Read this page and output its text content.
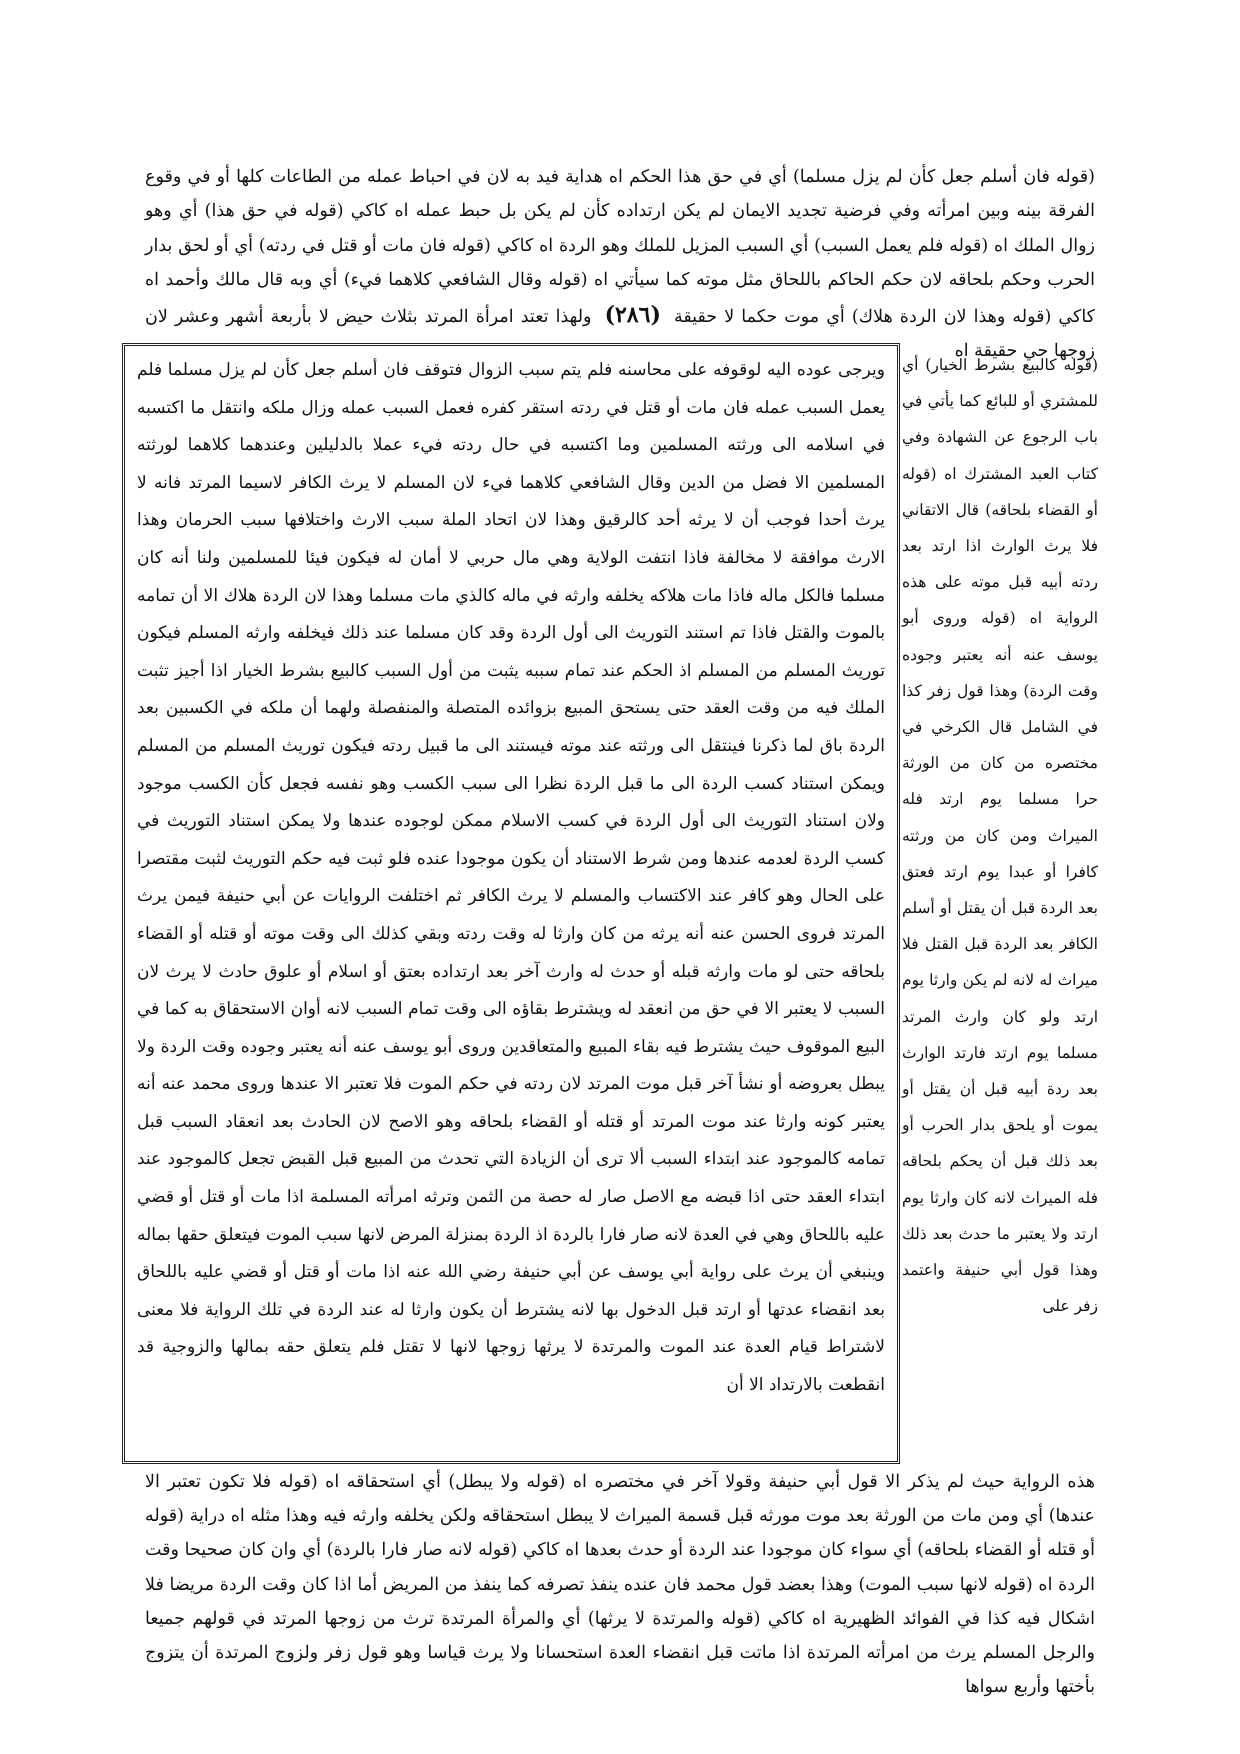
(قوله فان أسلم جعل كأن لم يزل مسلما) أي في حق هذا الحكم اه هداية فيد به لان في احباط عمله من الطاعات كلها أو في وقوع الفرقة بينه وبين امرأته وفي فرضية تجديد الايمان لم يكن ارتداده كأن لم يكن بل حبط عمله اه كاكي (قوله في حق هذا) أي وهو زوال الملك اه (قوله فلم يعمل السبب) أي السبب المزيل للملك وهو الردة اه كاكي (قوله فان مات أو قتل في ردته) أي أو لحق بدار الحرب وحكم بلحاقه لان حكم الحاكم باللحاق مثل موته كما سيأتي اه (قوله وقال الشافعي كلاهما فيء) أي وبه قال مالك وأحمد اه كاكي (قوله وهذا لان الردة هلاك) أي موت حكما لا حقيقة (٢٨٦) ولهذا تعتد امرأة المرتد بثلاث حيض لا بأربعة أشهر وعشر لان زوجها حي حقيقة اه

ويرجى عوده اليه لوقوفه على محاسنه فلم يتم سبب الزوال فتوقف فان أسلم جعل كأن لم يزل مسلما فلم يعمل السبب عمله فان مات أو قتل في ردته استقر كفره فعمل السبب عمله وزال ملكه وانتقل ما اكتسبه في اسلامه الى ورثته المسلمين وما اكتسبه في حال ردته فيء عملا بالدليلين وعندهما كلاهما لورثته المسلمين الا فضل من الدين وقال الشافعي كلاهما فيء لان المسلم لا يرث الكافر لاسيما المرتد فانه لا يرث أحدا فوجب أن لا يرثه أحد كالرقيق وهذا لان اتحاد الملة سبب الارث واختلافها سبب الحرمان وهذا الارث موافقة لا مخالفة فاذا انتفت الولاية وهي مال حربي لا أمان له فيكون فيئا للمسلمين ولنا أنه كان مسلما فالكل ماله فاذا مات هلاكه يخلفه وارثه في ماله كالذي مات مسلما وهذا لان الردة هلاك الا أن تمامه بالموت والقتل فاذا تم استند التوريث الى أول الردة وقد كان مسلما عند ذلك فيخلفه وارثه المسلم فيكون توريث المسلم من المسلم اذ الحكم عند تمام سببه يثبت من أول السبب كالبيع بشرط الخيار اذا أجيز تثبت الملك فيه من وقت العقد حتى يستحق المبيع بزوائده المتصلة والمنفصلة ولهما أن ملكه في الكسبين بعد الردة باق لما ذكرنا فينتقل الى ورثته عند موته فيستند الى ما قبيل ردته فيكون توريث المسلم من المسلم ويمكن استناد كسب الردة الى ما قبل الردة نظرا الى سبب الكسب وهو نفسه فجعل كأن الكسب موجود ولان استناد التوريث الى أول الردة في كسب الاسلام ممكن لوجوده عندها ولا يمكن استناد التوريث في كسب الردة لعدمه عندها ومن شرط الاستناد أن يكون موجودا عنده فلو ثبت فيه حكم التوريث لثبت مقتصرا على الحال وهو كافر عند الاكتساب والمسلم لا يرث الكافر ثم اختلفت الروايات عن أبي حنيفة فيمن يرث المرتد فروى الحسن عنه أنه يرثه من كان وارثا له وقت ردته وبقي كذلك الى وقت موته أو قتله أو القضاء بلحاقه حتى لو مات وارثه قبله أو حدث له وارث آخر بعد ارتداده بعتق أو اسلام أو علوق حادث لا يرث لان السبب لا يعتبر الا في حق من انعقد له ويشترط بقاؤه الى وقت تمام السبب لانه أوان الاستحقاق به كما في البيع الموقوف حيث يشترط فيه بقاء المبيع والمتعاقدين وروى أبو يوسف عنه أنه يعتبر وجوده وقت الردة ولا يبطل بعروضه أو نشأ آخر قبل موت المرتد لان ردته في حكم الموت فلا تعتبر الا عندها وروى محمد عنه أنه يعتبر كونه وارثا عند موت المرتد أو قتله أو القضاء بلحاقه وهو الاصح لان الحادث بعد انعقاد السبب قبل تمامه كالموجود عند ابتداء السبب ألا ترى أن الزيادة التي تحدث من المبيع قبل القبض تجعل كالموجود عند ابتداء العقد حتى اذا قبضه مع الاصل صار له حصة من الثمن وترثه امرأته المسلمة اذا مات أو قتل أو قضي عليه باللحاق وهي في العدة لانه صار فارا بالردة اذ الردة بمنزلة المرض لانها سبب الموت فيتعلق حقها بماله وينبغي أن يرث على رواية أبي يوسف عن أبي حنيفة رضي الله عنه اذا مات أو قتل أو قضي عليه باللحاق بعد انقضاء عدتها أو ارتد قبل الدخول بها لانه يشترط أن يكون وارثا له عند الردة في تلك الرواية فلا معنى لاشتراط قيام العدة عند الموت والمرتدة لا يرثها زوجها لانها لا تقتل فلم يتعلق حقه بمالها والزوجية قد انقطعت بالارتداد الا أن

(قوله كالبيع بشرط الخيار) أي للمشتري أو للبائع كما يأتي في باب الرجوع عن الشهادة وفي كتاب العبد المشترك اه (قوله أو القضاء بلحاقه) قال الاتقاني فلا يرث الوارث اذا ارتد بعد ردته أبيه قبل موته على هذه الرواية اه (قوله وروى أبو يوسف عنه أنه يعتبر وجوده وقت الردة) وهذا قول زفر كذا في الشامل قال الكرخي في مختصره من كان من الورثة حرا مسلما يوم ارتد فله الميراث ومن كان من ورثته كافرا أو عبدا يوم ارتد فعتق بعد الردة قبل أن يقتل أو أسلم الكافر بعد الردة قبل القتل فلا ميراث له لانه لم يكن وارثا يوم ارتد ولو كان وارث المرتد مسلما يوم ارتد فارتد الوارث بعد ردة أبيه قبل أن يقتل أو يموت أو يلحق بدار الحرب أو بعد ذلك قبل أن يحكم بلحاقه فله الميراث لانه كان وارثا يوم ارتد ولا يعتبر ما حدث بعد ذلك وهذا قول أبي حنيفة واعتمد زفر على

هذه الرواية حيث لم يذكر الا قول أبي حنيفة وقولا آخر في مختصره اه (قوله ولا يبطل) أي استحقاقه اه (قوله فلا تكون تعتبر الا عندها) أي ومن مات من الورثة بعد موت مورثه قبل قسمة الميراث لا يبطل استحقاقه ولكن يخلفه وارثه فيه وهذا مثله اه دراية (قوله أو قتله أو القضاء بلحاقه) أي سواء كان موجودا عند الردة أو حدث بعدها اه كاكي (قوله لانه صار فارا بالردة) أي وان كان صحيحا وقت الردة اه (قوله لانها سبب الموت) وهذا بعضد قول محمد فان عنده ينفذ تصرفه كما ينفذ من المريض أما اذا كان وقت الردة مريضا فلا اشكال فيه كذا في الفوائد الظهيرية اه كاكي (قوله والمرتدة لا يرثها) أي والمرأة المرتدة ترث من زوجها المرتد في قولهم جميعا والرجل المسلم يرث من امرأته المرتدة اذا ماتت قبل انقضاء العدة استحسانا ولا يرث قياسا وهو قول زفر ولزوج المرتدة أن يتزوج بأختها وأربع سواها
